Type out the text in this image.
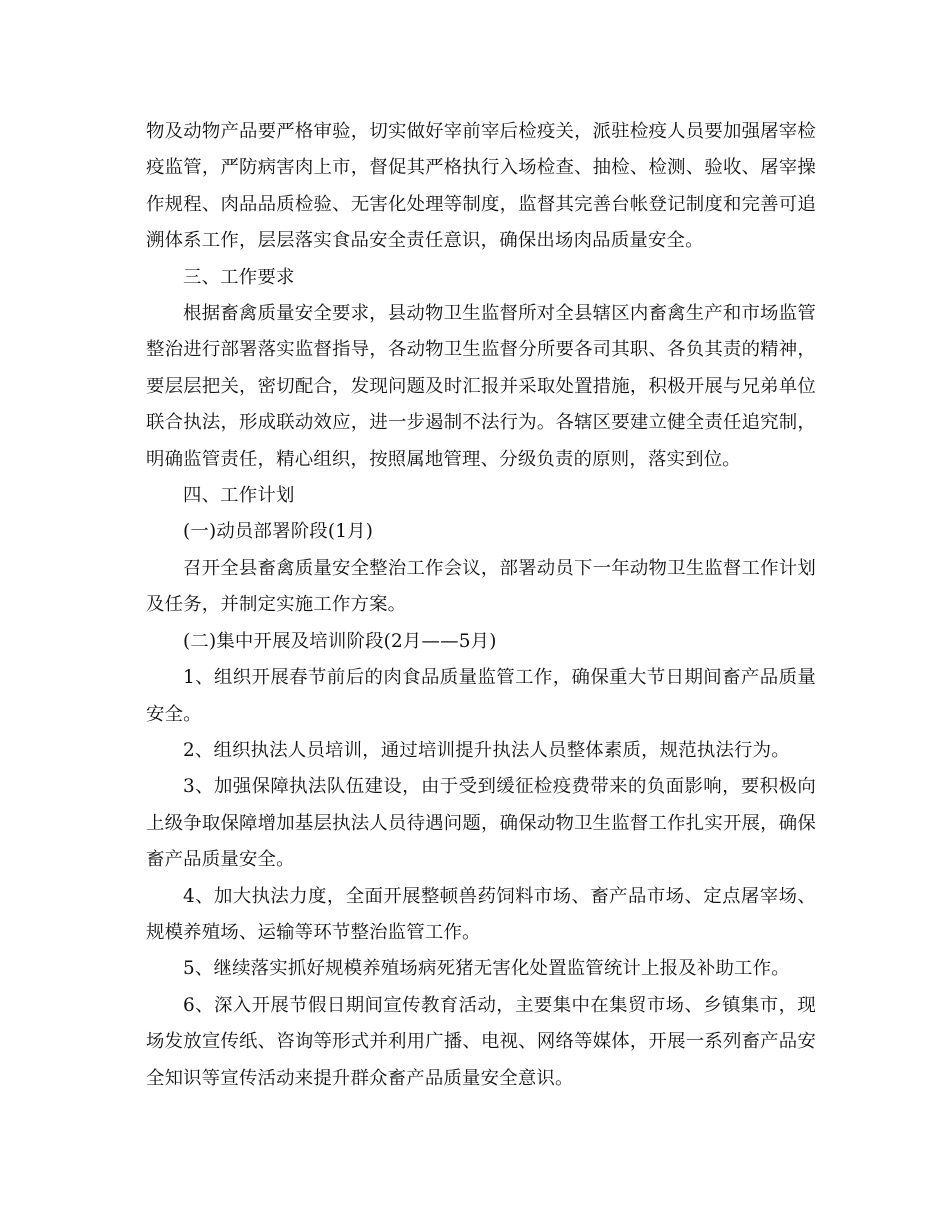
物及动物产品要严格审验，切实做好宰前宰后检疫关，派驻检疫人员要加强屠宰检疫监管，严防病害肉上市，督促其严格执行入场检查、抽检、检测、验收、屠宰操作规程、肉品品质检验、无害化处理等制度，监督其完善台帐登记制度和完善可追溯体系工作，层层落实食品安全责任意识，确保出场肉品质量安全。

三、工作要求

根据畜禽质量安全要求，县动物卫生监督所对全县辖区内畜禽生产和市场监管整治进行部署落实监督指导，各动物卫生监督分所要各司其职、各负其责的精神，要层层把关，密切配合，发现问题及时汇报并采取处置措施，积极开展与兄弟单位联合执法，形成联动效应，进一步遏制不法行为。各辖区要建立健全责任追究制，明确监管责任，精心组织，按照属地管理、分级负责的原则，落实到位。

四、工作计划

(一)动员部署阶段(1月)

召开全县畜禽质量安全整治工作会议，部署动员下一年动物卫生监督工作计划及任务，并制定实施工作方案。

(二)集中开展及培训阶段(2月——5月)

1、组织开展春节前后的肉食品质量监管工作，确保重大节日期间畜产品质量安全。

2、组织执法人员培训，通过培训提升执法人员整体素质，规范执法行为。

3、加强保障执法队伍建设，由于受到缓征检疫费带来的负面影响，要积极向上级争取保障增加基层执法人员待遇问题，确保动物卫生监督工作扎实开展，确保畜产品质量安全。

4、加大执法力度，全面开展整顿兽药饲料市场、畜产品市场、定点屠宰场、规模养殖场、运输等环节整治监管工作。

5、继续落实抓好规模养殖场病死猪无害化处置监管统计上报及补助工作。

6、深入开展节假日期间宣传教育活动，主要集中在集贸市场、乡镇集市，现场发放宣传纸、咨询等形式并利用广播、电视、网络等媒体，开展一系列畜产品安全知识等宣传活动来提升群众畜产品质量安全意识。
